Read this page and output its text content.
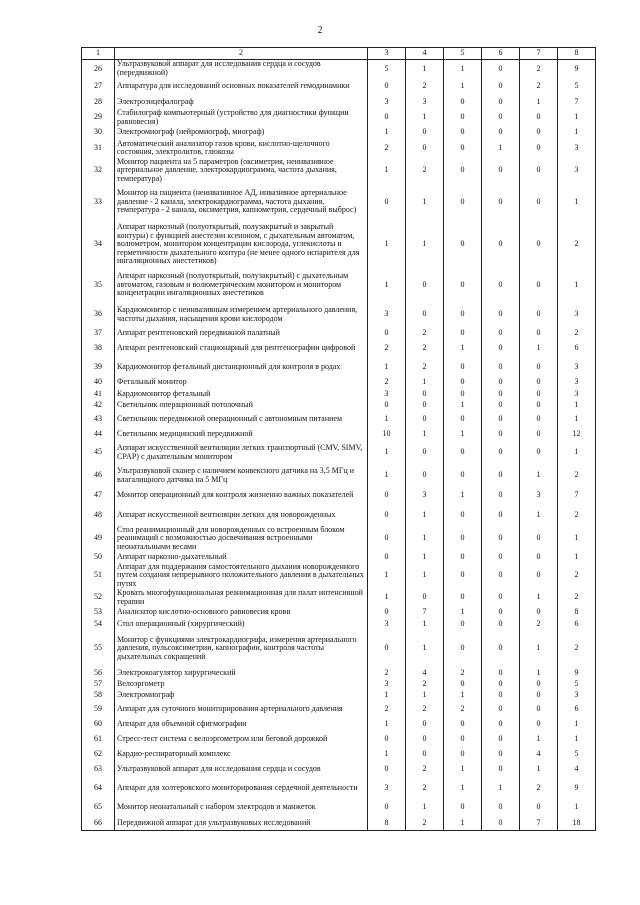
2
1	2	3	4	5	6	7	8
26	Ультразвуковой аппарат для исследования сердца и сосудов (передвижной)	5	1	1	0	2	9
27	Аппаратура для исследований основных показателей гемодинамики	0	2	1	0	2	5
28	Электроэнцефалограф	3	3	0	0	1	7
29	Стабилограф компьютерный (устройство для диагностики функции равновесия)	0	1	0	0	0	1
30	Электромиограф (нейромиограф, миограф)	1	0	0	0	0	1
31	Автоматический анализатор газов крови, кислотно-щелочного состояния, электролитов, глюкозы	2	0	0	1	0	3
32	Монитор пациента на 5 параметров (оксиметрия, неинвазивное артериальное давление, электрокардиограмма, частота дыхания, температура)	1	2	0	0	0	3
33	Монитор на пациента (неинвазивное АД, инвазивное артериальное давление - 2 канала, электрокардиограмма, частота дыхания, температура - 2 канала, оксиметрия, капнометрия, сердечный выброс)	0	1	0	0	0	1
34	Аппарат наркозный (полуоткрытый, полузакрытый и закрытый контуры) с функцией анестезии ксеноном, с дыхательным автоматом, волюметром, монитором концентрации кислорода, углекислоты и герметичности дыхательного контура (не менее одного испарителя для ингаляционных анестетиков)	1	1	0	0	0	2
35	Аппарат наркозный (полуоткрытый, полузакрытый) с дыхательным автоматом, газовым и волюметрическим монитором и монитором концентрации ингаляционных анестетиков	1	0	0	0	0	1
36	Кардиомонитор с неинвазивным измерением артериального давления, частоты дыхания, насыщения крови кислородом	3	0	0	0	0	3
37	Аппарат рентгеновский передвижной палатный	0	2	0	0	0	2
38	Аппарат рентгеновский стационарный для рентгенографии цифровой	2	2	1	0	1	6
39	Кардиомонитор фетальный дистанционный для контроля в родах	1	2	0	0	0	3
40	Фетальный монитор	2	1	0	0	0	3
41	Кардиомонитор фетальный	3	0	0	0	0	3
42	Светильник операционный потолочный	0	0	1	0	0	1
43	Светильник передвижной операционный с автономным питанием	1	0	0	0	0	1
44	Светильник медицинский передвижной	10	1	1	0	0	12
45	Аппарат искусственной вентиляции легких транспортный (CMV, SIMV, CPAP) с дыхательным монитором	1	0	0	0	0	1
46	Ультразвуковой сканер с наличием конвексного датчика на 3,5 МГц и влагалищного датчика на 5 МГц	1	0	0	0	1	2
47	Монитор операционный для контроля жизненно важных показателей	0	3	1	0	3	7
48	Аппарат искусственной вентиляции легких для новорожденных	0	1	0	0	1	2
49	Стол реанимационный для новорожденных со встроенным блоком реанимаций с возможностью досвечивания встроенными неонатальными весами	0	1	0	0	0	1
50	Аппарат наркозно-дыхательный	0	1	0	0	0	1
51	Аппарат для поддержания самостоятельного дыхания новорожденного путем создания непрерывного положительного давления в дыхательных путях	1	1	0	0	0	2
52	Кровать многофункциональная реанимационная для палат интенсивной терапии	1	0	0	0	1	2
53	Анализатор кислотно-основного равновесия крови	0	7	1	0	0	8
54	Стол операционный (хирургический)	3	1	0	0	2	6
55	Монитор с функциями электрокардиографа, измерения артериального давления, пульсоксиметрии, капнографии, контроля частоты дыхательных сокращений	0	1	0	0	1	2
56	Электрокоагулятор хирургический	2	4	2	0	1	9
57	Велоэргометр	3	2	0	0	0	5
58	Электромиограф	1	1	1	0	0	3
59	Аппарат для суточного мониторирования артериального давления	2	2	2	0	0	6
60	Аппарат для объемной сфигмографии	1	0	0	0	0	1
61	Стресс-тест система с велоэргометром или беговой дорожкой	0	0	0	0	1	1
62	Кардио-респираторный комплекс	1	0	0	0	4	5
63	Ультразвуковой аппарат для исследования сердца и сосудов	0	2	1	0	1	4
64	Аппарат для холтеровского мониторирования сердечной деятельности	3	2	1	1	2	9
65	Монитор неонатальный с набором электродов и манжеток	0	1	0	0	0	1
66	Передвижной аппарат для ультразвуковых исследований	8	2	1	0	7	18
